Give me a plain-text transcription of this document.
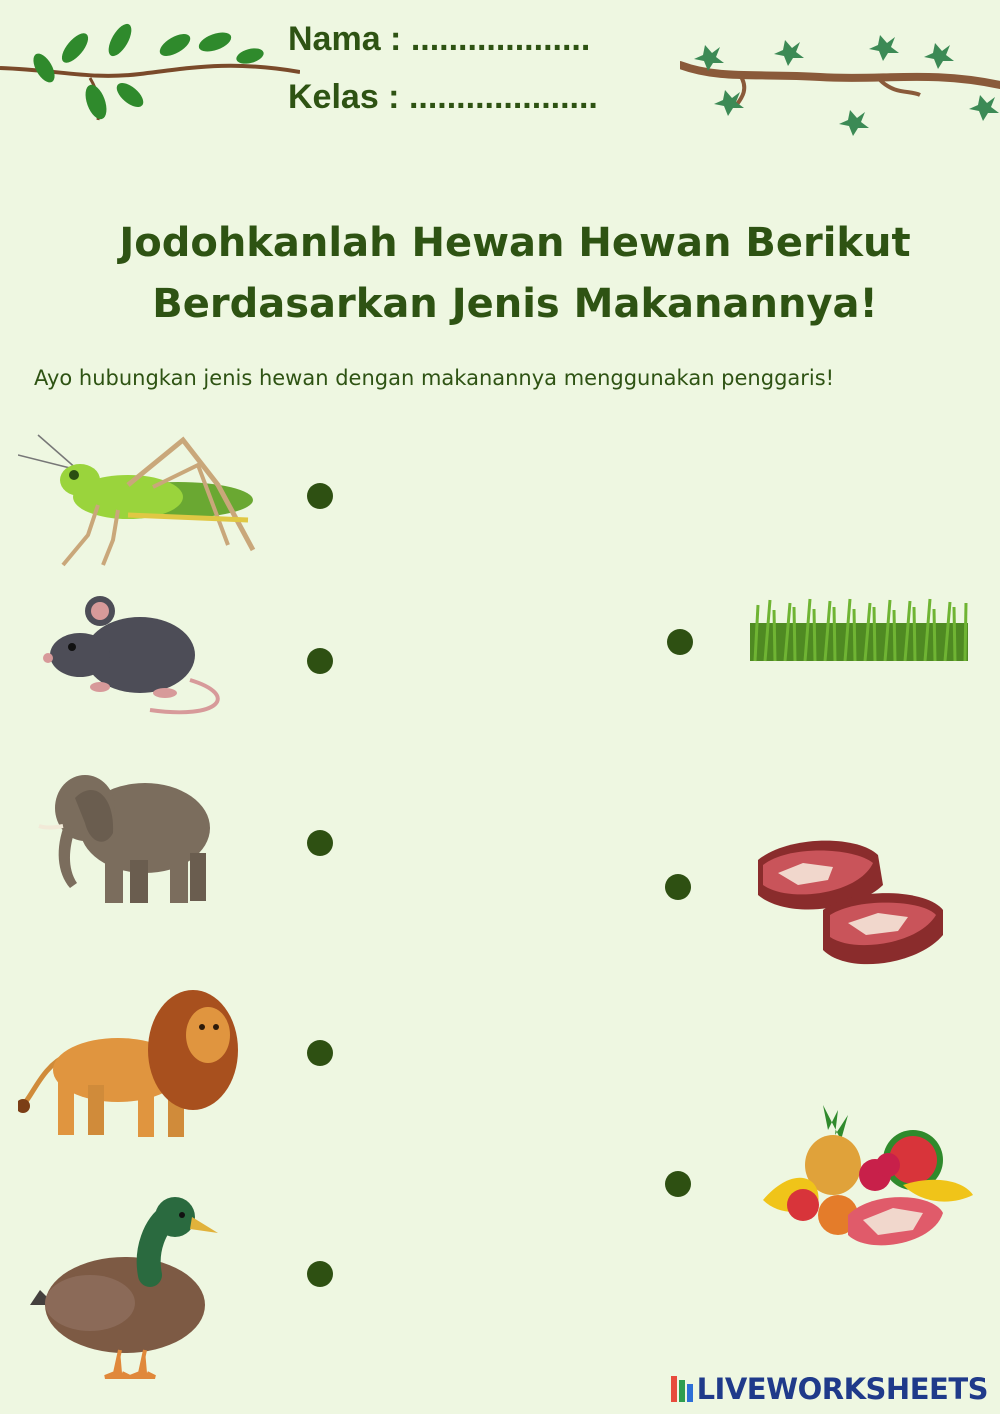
Nama : ...................
Kelas : ....................
Jodohkanlah Hewan Hewan Berikut
Berdasarkan Jenis Makanannya!
Ayo hubungkan jenis hewan dengan makanannya menggunakan penggaris!
LIVEWORKSHEETS
